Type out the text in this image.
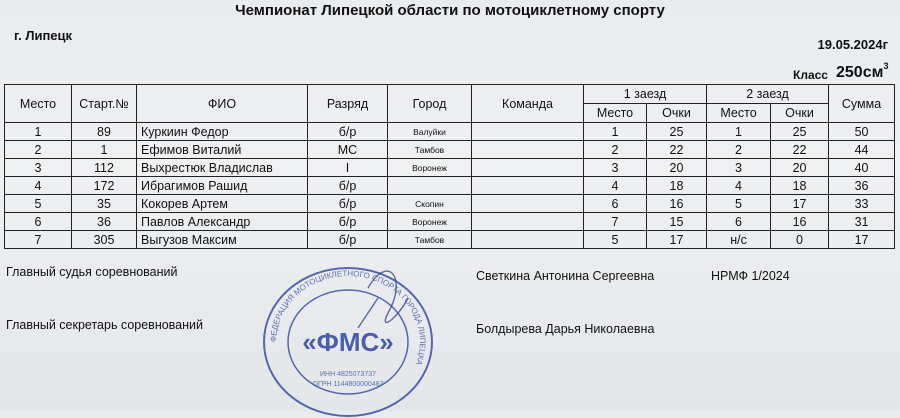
Чемпионат Липецкой области по мотоциклетному спорту
г. Липецк
19.05.2024г
Класс $250см^3$
Место	Старт.№	ФИО	Разряд	Город	Команда	1 заезд		2 заезд		Сумма
						Место	Очки	Место	Очки	
1	89	Куркиин Федор	б/р	Валуйки		1	25	1	25	50
2	1	Ефимов Виталий	МС	Тамбов		2	22	2	22	44
3	112	Выхрестюк Владислав	I	Воронеж		3	20	3	20	40
4	172	Ибрагимов Рашид	б/р			4	18	4	18	36
5	35	Кокорев Артем	б/р	Скопин		6	16	5	17	33
6	36	Павлов Александр	б/р	Воронеж		7	15	6	16	31
7	305	Выгузов Максим	б/р	Тамбов		5	17	н/с	0	17
Главный судья соревнований	Светкина Антонина Сергеевна	НРМФ 1/2024
Главный секретарь соревнований	Болдырева Дарья Николаевна
ФЕДЕРАЦИЯ МОТОЦИКЛЕТНОГО СПОРТА ГОРОДА ЛИПЕЦКА
«ФМС»
ИНН 4825073737
ОГРН 1144800000487
